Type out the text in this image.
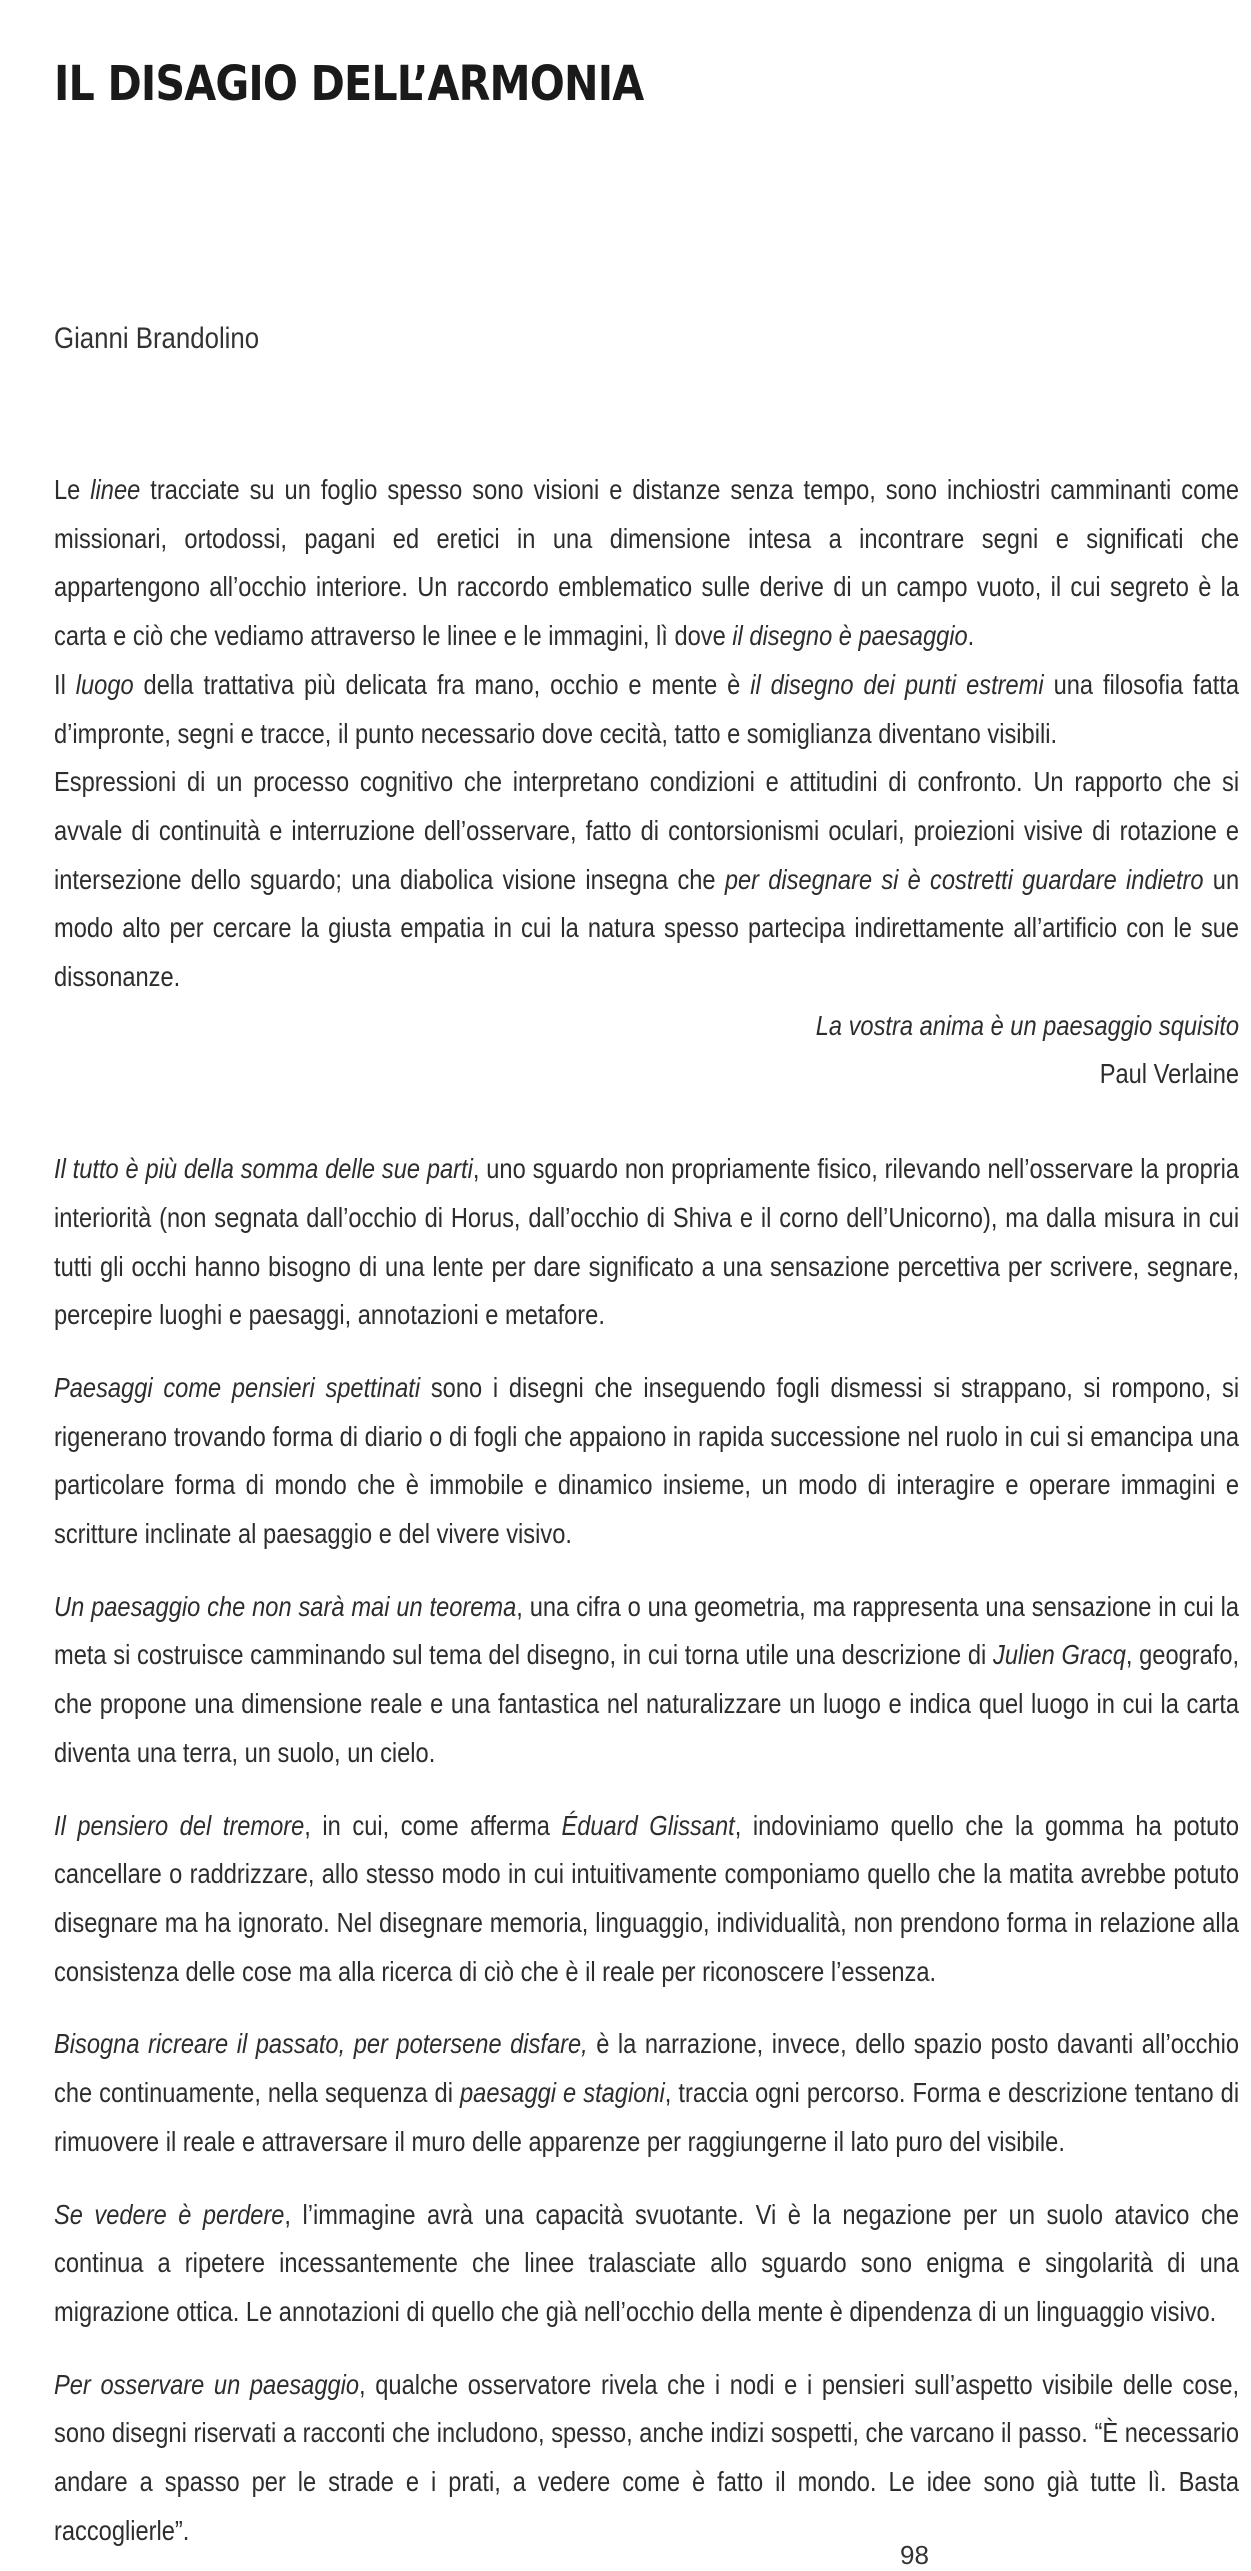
IL DISAGIO DELL’ARMONIA
Gianni Brandolino

Le linee tracciate su un foglio spesso sono visioni e distanze senza tempo, sono inchiostri camminanti come missionari, ortodossi, pagani ed eretici in una dimensione intesa a incontrare segni e significati che appartengono all’occhio interiore. Un raccordo emblematico sulle derive di un campo vuoto, il cui segreto è la carta e ciò che vediamo attraverso le linee e le immagini, lì dove il disegno è paesaggio.

Il luogo della trattativa più delicata fra mano, occhio e mente è il disegno dei punti estremi una filosofia fatta d’impronte, segni e tracce, il punto necessario dove cecità, tatto e somiglianza diventano visibili.

Espressioni di un processo cognitivo che interpretano condizioni e attitudini di confronto. Un rapporto che si avvale di continuità e interruzione dell’osservare, fatto di contorsionismi oculari, proiezioni visive di rotazione e intersezione dello sguardo; una diabolica visione insegna che per disegnare si è costretti guardare indietro un modo alto per cercare la giusta empatia in cui la natura spesso partecipa indirettamente all’artificio con le sue dissonanze.

La vostra anima è un paesaggio squisito

Paul Verlaine

Il tutto è più della somma delle sue parti, uno sguardo non propriamente fisico, rilevando nell’osservare la propria interiorità (non segnata dall’occhio di Horus, dall’occhio di Shiva e il corno dell’Unicorno), ma dalla misura in cui tutti gli occhi hanno bisogno di una lente per dare significato a una sensazione percettiva per scrivere, segnare, percepire luoghi e paesaggi, annotazioni e metafore.

Paesaggi come pensieri spettinati sono i disegni che inseguendo fogli dismessi si strappano, si rompono, si rigenerano trovando forma di diario o di fogli che appaiono in rapida successione nel ruolo in cui si emancipa una particolare forma di mondo che è immobile e dinamico insieme, un modo di interagire e operare immagini e scritture inclinate al paesaggio e del vivere visivo.

Un paesaggio che non sarà mai un teorema, una cifra o una geometria, ma rappresenta una sensazione in cui la meta si costruisce camminando sul tema del disegno, in cui torna utile una descrizione di Julien Gracq, geografo, che propone una dimensione reale e una fantastica nel naturalizzare un luogo e indica quel luogo in cui la carta diventa una terra, un suolo, un cielo.

Il pensiero del tremore, in cui, come afferma Éduard Glissant, indoviniamo quello che la gomma ha potuto cancellare o raddrizzare, allo stesso modo in cui intuitivamente componiamo quello che la matita avrebbe potuto disegnare ma ha ignorato. Nel disegnare memoria, linguaggio, individualità, non prendono forma in relazione alla consistenza delle cose ma alla ricerca di ciò che è il reale per riconoscere l’essenza.

Bisogna ricreare il passato, per potersene disfare, è la narrazione, invece, dello spazio posto davanti all’occhio che continuamente, nella sequenza di paesaggi e stagioni, traccia ogni percorso. Forma e descrizione tentano di rimuovere il reale e attraversare il muro delle apparenze per raggiungerne il lato puro del visibile.

Se vedere è perdere, l’immagine avrà una capacità svuotante. Vi è la negazione per un suolo atavico che continua a ripetere incessantemente che linee tralasciate allo sguardo sono enigma e singolarità di una migrazione ottica. Le annotazioni di quello che già nell’occhio della mente è dipendenza di un linguaggio visivo.

Per osservare un paesaggio, qualche osservatore rivela che i nodi e i pensieri sull’aspetto visibile delle cose, sono disegni riservati a racconti che includono, spesso, anche indizi sospetti, che varcano il passo. “È necessario andare a spasso per le strade e i prati, a vedere come è fatto il mondo. Le idee sono già tutte lì. Basta raccoglierle”.

98
